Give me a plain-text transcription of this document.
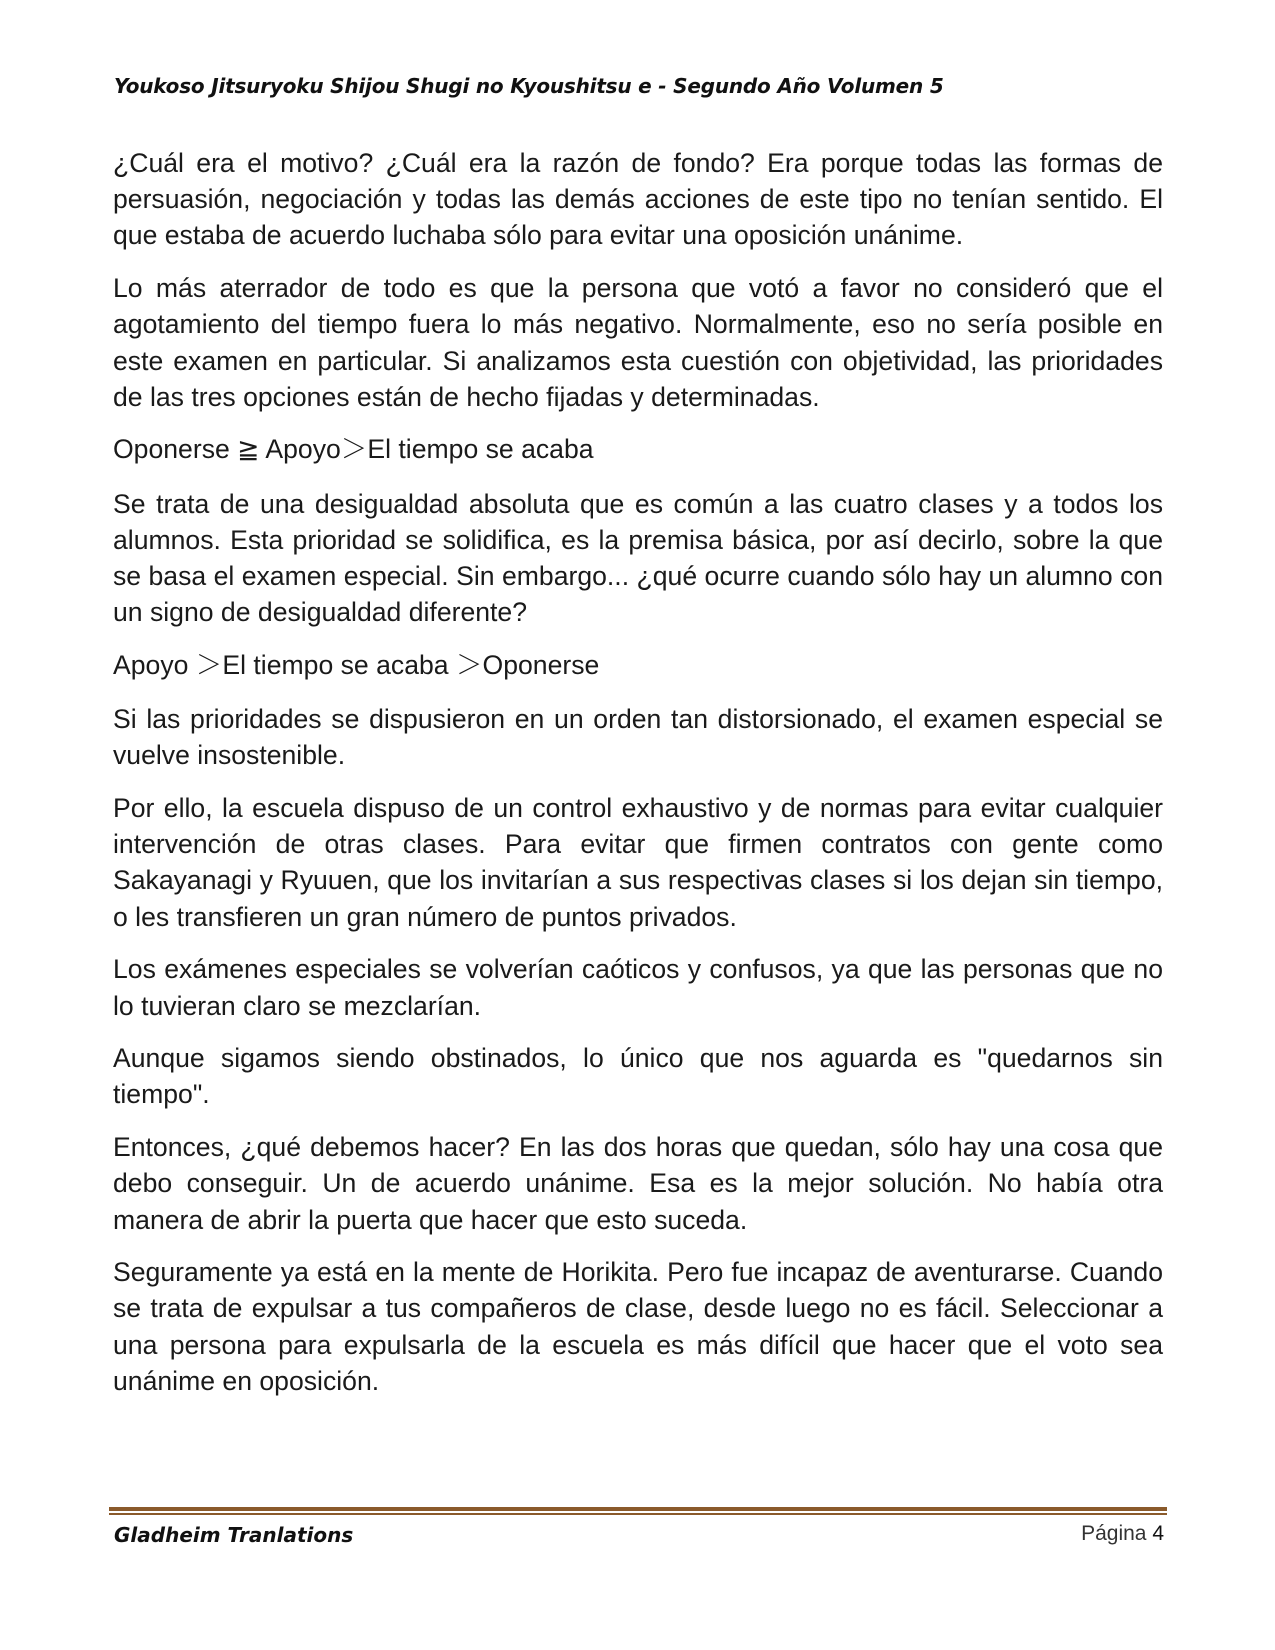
Youkoso Jitsuryoku Shijou Shugi no Kyoushitsu e - Segundo Año Volumen 5

¿Cuál era el motivo? ¿Cuál era la razón de fondo? Era porque todas las formas de persuasión, negociación y todas las demás acciones de este tipo no tenían sentido. El que estaba de acuerdo luchaba sólo para evitar una oposición unánime.

Lo más aterrador de todo es que la persona que votó a favor no consideró que el agotamiento del tiempo fuera lo más negativo. Normalmente, eso no sería posible en este examen en particular. Si analizamos esta cuestión con objetividad, las prioridades de las tres opciones están de hecho fijadas y determinadas.

Oponerse ≧ Apoyo＞El tiempo se acaba

Se trata de una desigualdad absoluta que es común a las cuatro clases y a todos los alumnos. Esta prioridad se solidifica, es la premisa básica, por así decirlo, sobre la que se basa el examen especial. Sin embargo... ¿qué ocurre cuando sólo hay un alumno con un signo de desigualdad diferente?

Apoyo ＞El tiempo se acaba ＞Oponerse

Si las prioridades se dispusieron en un orden tan distorsionado, el examen especial se vuelve insostenible.

Por ello, la escuela dispuso de un control exhaustivo y de normas para evitar cualquier intervención de otras clases. Para evitar que firmen contratos con gente como Sakayanagi y Ryuuen, que los invitarían a sus respectivas clases si los dejan sin tiempo, o les transfieren un gran número de puntos privados.

Los exámenes especiales se volverían caóticos y confusos, ya que las personas que no lo tuvieran claro se mezclarían.

Aunque sigamos siendo obstinados, lo único que nos aguarda es "quedarnos sin tiempo".

Entonces, ¿qué debemos hacer? En las dos horas que quedan, sólo hay una cosa que debo conseguir. Un de acuerdo unánime. Esa es la mejor solución. No había otra manera de abrir la puerta que hacer que esto suceda.

Seguramente ya está en la mente de Horikita. Pero fue incapaz de aventurarse. Cuando se trata de expulsar a tus compañeros de clase, desde luego no es fácil. Seleccionar a una persona para expulsarla de la escuela es más difícil que hacer que el voto sea unánime en oposición.

Gladheim Tranlations	Página 4
